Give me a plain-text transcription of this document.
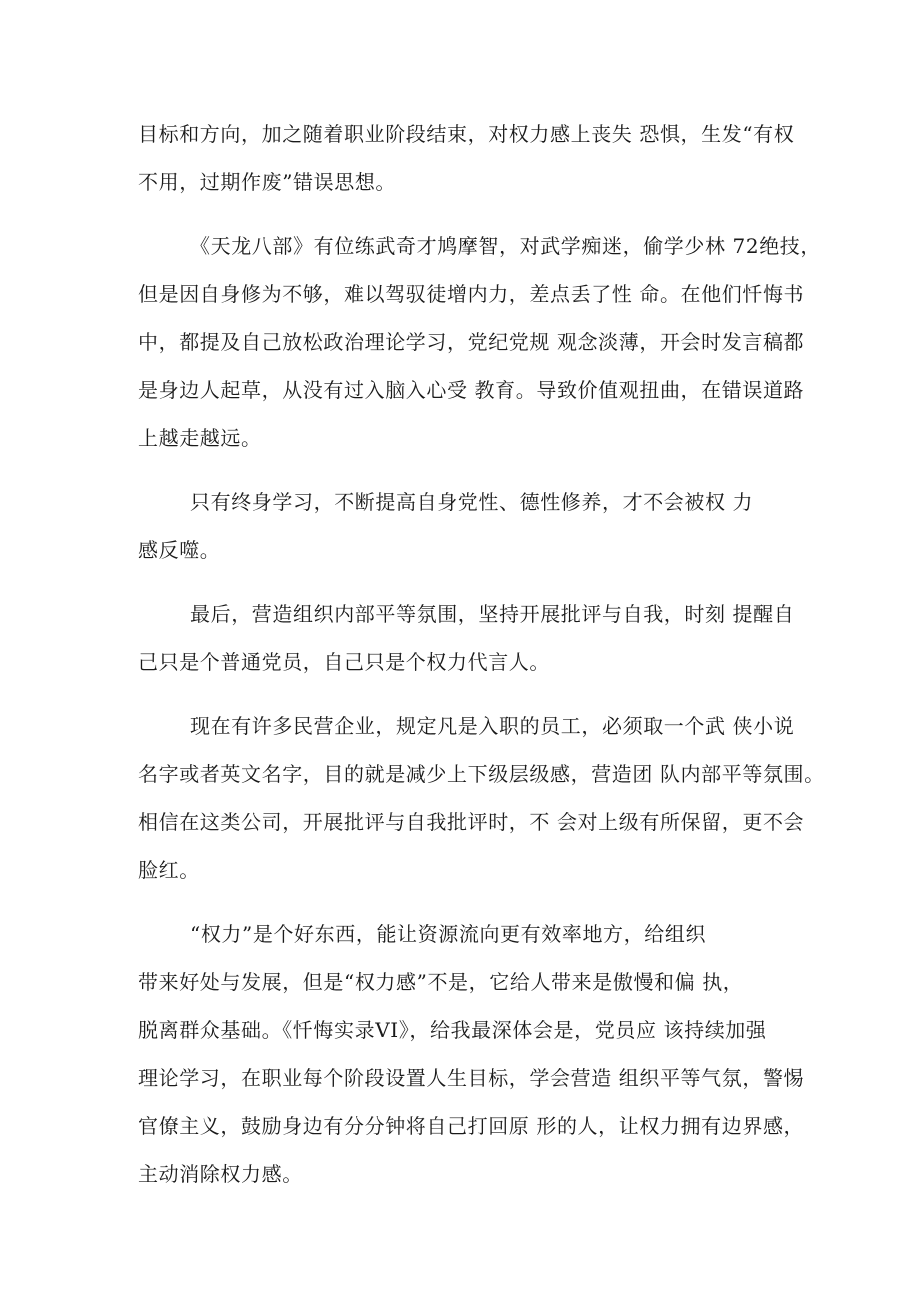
目标和方向，加之随着职业阶段结束，对权力感上丧失 恐惧，生发“有权
不用，过期作废”错误思想。
《天龙八部》有位练武奇才鸠摩智，对武学痴迷，偷学少林 72绝技，
但是因自身修为不够，难以驾驭徒增内力，差点丢了性 命。在他们忏悔书
中，都提及自己放松政治理论学习，党纪党规 观念淡薄，开会时发言稿都
是身边人起草，从没有过入脑入心受 教育。导致价值观扭曲，在错误道路
上越走越远。
只有终身学习，不断提高自身党性、德性修养，才不会被权 力
感反噬。
最后，营造组织内部平等氛围，坚持开展批评与自我，时刻 提醒自
己只是个普通党员，自己只是个权力代言人。
现在有许多民营企业，规定凡是入职的员工，必须取一个武 侠小说
名字或者英文名字，目的就是减少上下级层级感，营造团 队内部平等氛围。
相信在这类公司，开展批评与自我批评时，不 会对上级有所保留，更不会
脸红。
“权力”是个好东西，能让资源流向更有效率地方，给组织
带来好处与发展，但是“权力感”不是，它给人带来是傲慢和偏 执，
脱离群众基础。《忏悔实录VI》，给我最深体会是，党员应 该持续加强
理论学习，在职业每个阶段设置人生目标，学会营造 组织平等气氛，警惕
官僚主义，鼓励身边有分分钟将自己打回原 形的人，让权力拥有边界感，
主动消除权力感。
